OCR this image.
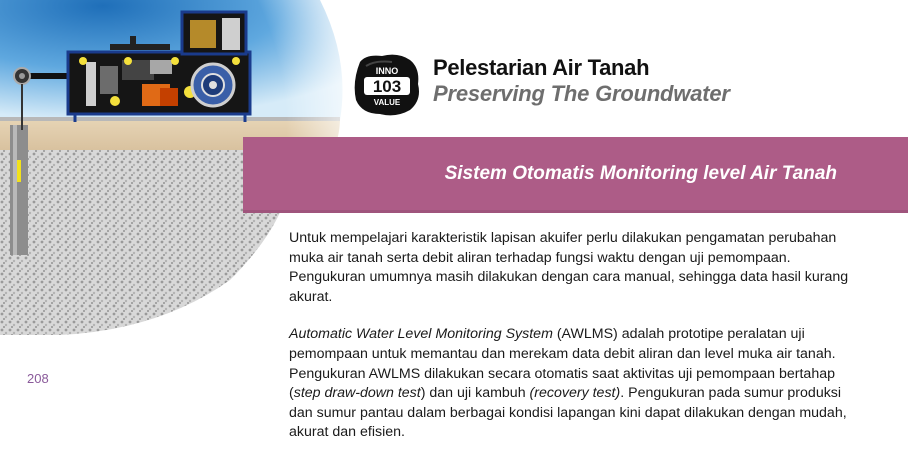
INNO
103
VALUE
Pelestarian Air Tanah
Preserving The Groundwater
Sistem Otomatis Monitoring level Air Tanah
208

Untuk mempelajari karakteristik lapisan akuifer perlu dilakukan pengamatan perubahan muka air tanah serta debit aliran terhadap fungsi waktu dengan uji pemompaan. Pengukuran umumnya masih dilakukan dengan cara manual, sehingga data hasil kurang akurat.

Automatic Water Level Monitoring System (AWLMS) adalah prototipe peralatan uji pemompaan untuk memantau dan merekam data debit aliran dan level muka air tanah. Pengukuran AWLMS dilakukan secara otomatis saat aktivitas uji pemompaan bertahap (step draw-down test) dan uji kambuh (recovery test). Pengukuran pada sumur produksi dan sumur pantau dalam berbagai kondisi lapangan kini dapat dilakukan dengan mudah, akurat dan efisien.
